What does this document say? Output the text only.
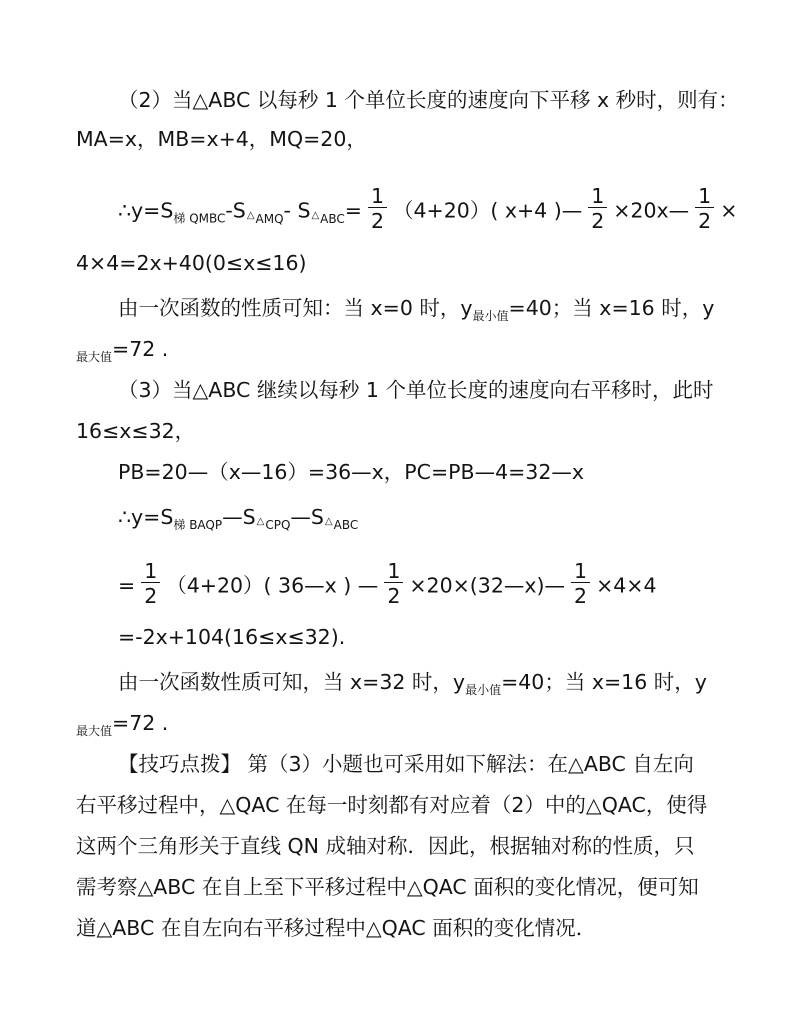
（2）当△ABC 以每秒 1 个单位长度的速度向下平移 x 秒时，则有：
MA=x，MB=x+4，MQ=20，
$\therefore y=S_{梯 QMBC}-S_{^\triangle AMQ}-$ $S_{^\triangle ABC}= \frac{1}{2} (4+20)$( x+4 )— $\frac{1}{2}$ ×20x— $\frac{1}{2}$ ×
4×4=2x+40(0≤x≤16)
由一次函数的性质可知：当 x=0 时，$y_{最小值}=40$；当 x=16 时，y
$_{最大值}$=72 .
（3）当△ABC 继续以每秒 1 个单位长度的速度向右平移时，此时
16≤x≤32，
PB=20—（x—16）=36—x，PC=PB—4=32—x
$\therefore y=S_{梯 BAQP}—S_{^\triangle CPQ}—S_{^\triangle ABC}$
= $\frac{1}{2} (4+20)$( 36—x ) — $\frac{1}{2}$ ×20×(32—x)— $\frac{1}{2} \times 4\times 4$
=-2x+104(16≤x≤32).
由一次函数性质可知，当 x=32 时，$y_{最小值}=40$；当 x=16 时，y
$_{最大值}$=72 .
【技巧点拨】 第（3）小题也可采用如下解法：在△ABC 自左向
右平移过程中，△QAC 在每一时刻都有对应着（2）中的△QAC，使得
这两个三角形关于直线 QN 成轴对称．因此，根据轴对称的性质，只
需考察△ABC 在自上至下平移过程中△QAC 面积的变化情况，便可知
道△ABC 在自左向右平移过程中△QAC 面积的变化情况．
